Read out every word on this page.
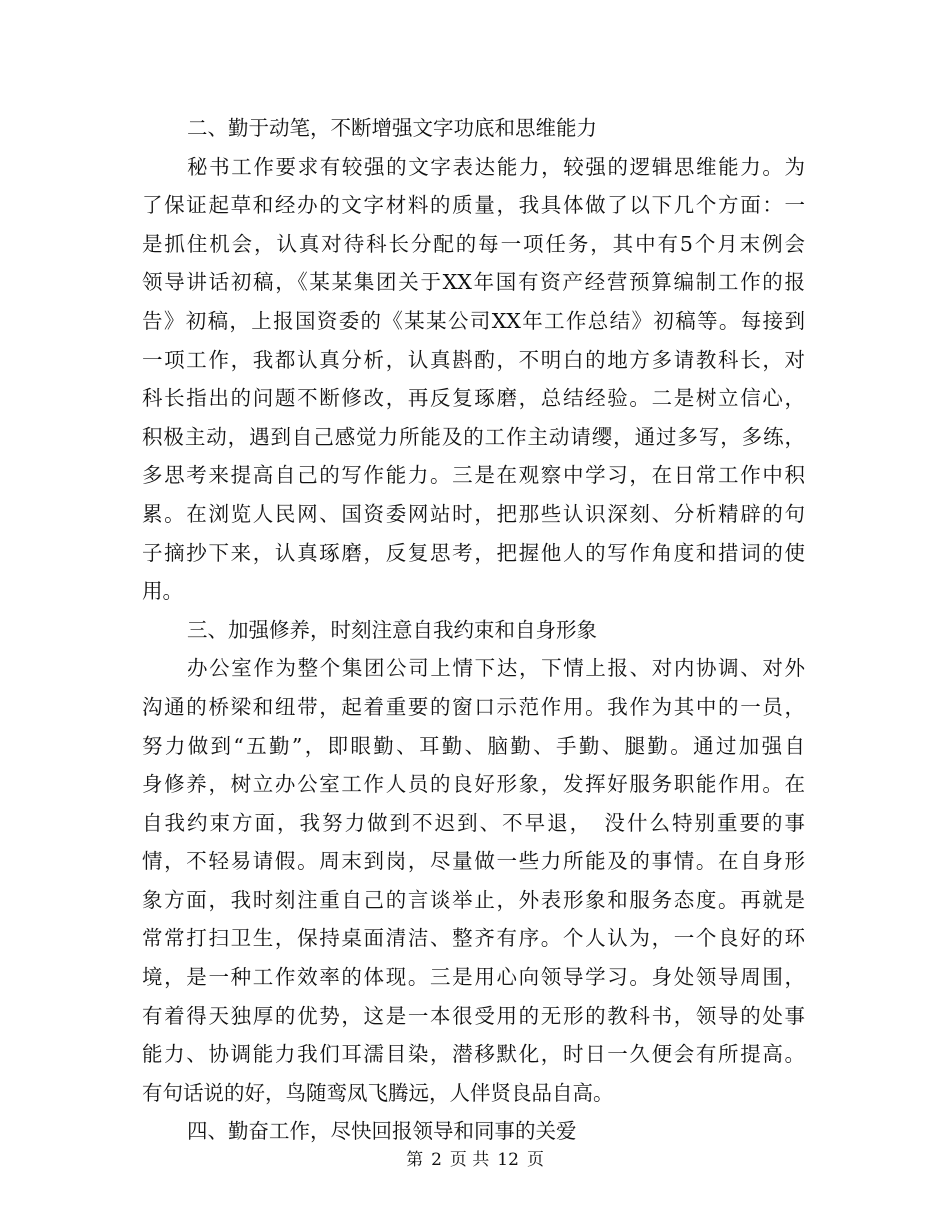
二、勤于动笔，不断增强文字功底和思维能力
秘书工作要求有较强的文字表达能力，较强的逻辑思维能力。为
了保证起草和经办的文字材料的质量，我具体做了以下几个方面：一
是抓住机会，认真对待科长分配的每一项任务，其中有5个月末例会
领导讲话初稿，《某某集团关于XX年国有资产经营预算编制工作的报
告》初稿，上报国资委的《某某公司XX年工作总结》初稿等。每接到
一项工作，我都认真分析，认真斟酌，不明白的地方多请教科长，对
科长指出的问题不断修改，再反复琢磨，总结经验。二是树立信心，
积极主动，遇到自己感觉力所能及的工作主动请缨，通过多写，多练，
多思考来提高自己的写作能力。三是在观察中学习，在日常工作中积
累。在浏览人民网、国资委网站时，把那些认识深刻、分析精辟的句
子摘抄下来，认真琢磨，反复思考，把握他人的写作角度和措词的使
用。
三、加强修养，时刻注意自我约束和自身形象
办公室作为整个集团公司上情下达，下情上报、对内协调、对外
沟通的桥梁和纽带，起着重要的窗口示范作用。我作为其中的一员，
努力做到“五勤”，即眼勤、耳勤、脑勤、手勤、腿勤。通过加强自
身修养，树立办公室工作人员的良好形象，发挥好服务职能作用。在
自我约束方面，我努力做到不迟到、不早退，　没什么特别重要的事
情，不轻易请假。周末到岗，尽量做一些力所能及的事情。在自身形
象方面，我时刻注重自己的言谈举止，外表形象和服务态度。再就是
常常打扫卫生，保持桌面清洁、整齐有序。个人认为，一个良好的环
境，是一种工作效率的体现。三是用心向领导学习。身处领导周围，
有着得天独厚的优势，这是一本很受用的无形的教科书，领导的处事
能力、协调能力我们耳濡目染，潜移默化，时日一久便会有所提高。
有句话说的好，鸟随鸾凤飞腾远，人伴贤良品自高。
四、勤奋工作，尽快回报领导和同事的关爱
第 2 页 共 12 页
